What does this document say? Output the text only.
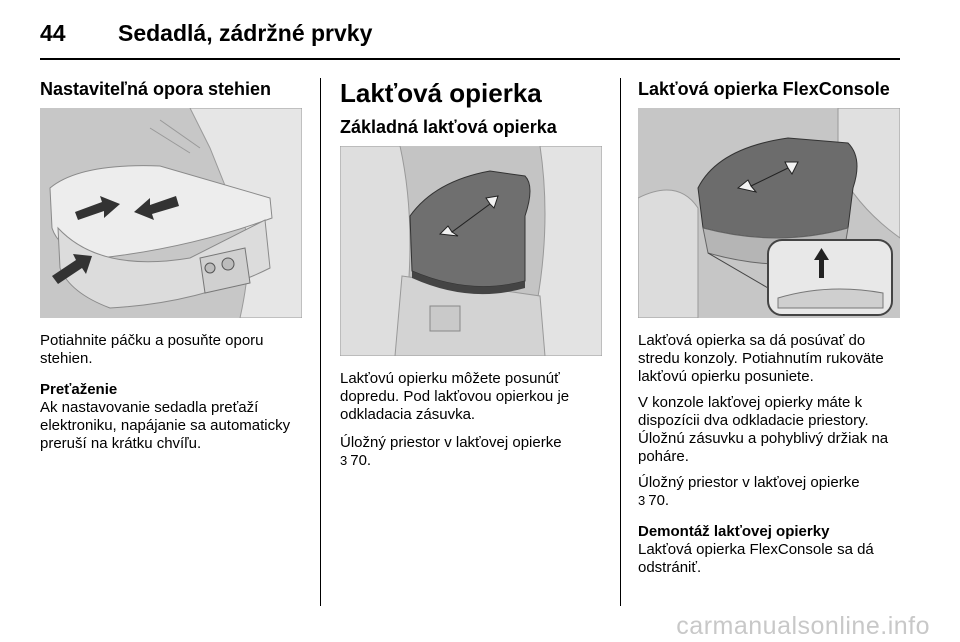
44 Sedadlá, zádržné prvky
Nastaviteľná opora stehien

Potiahnite páčku a posuňte oporu stehien.

Preťaženie

Ak nastavovanie sedadla preťaží elektroniku, napájanie sa automaticky preruší na krátku chvíľu.

Lakťová opierka
Základná lakťová opierka

Lakťovú opierku môžete posunúť dopredu. Pod lakťovou opierkou je odkladacia zásuvka.

Úložný priestor v lakťovej opierke

3 70.

Lakťová opierka FlexConsole

Lakťová opierka sa dá posúvať do stredu konzoly. Potiahnutím rukoväte lakťovú opierku posuniete.

V konzole lakťovej opierky máte k dispozícii dva odkladacie priestory. Úložnú zásuvku a pohyblivý držiak na poháre.

Úložný priestor v lakťovej opierke

3 70.

Demontáž lakťovej opierky

Lakťová opierka FlexConsole sa dá odstrániť.

carmanualsonline.info
